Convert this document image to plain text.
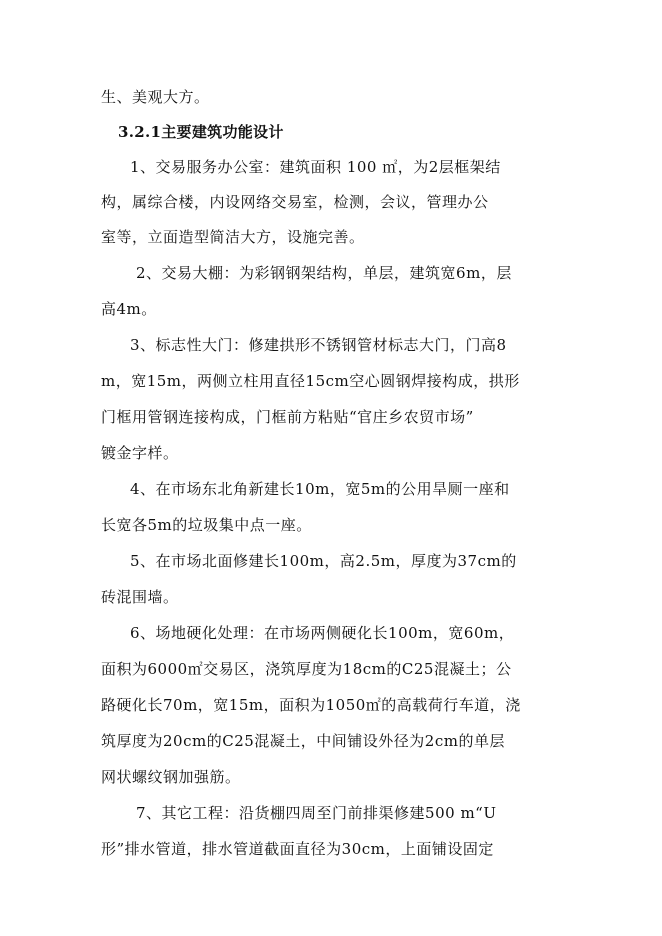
生、美观大方。
3.2.1主要建筑功能设计
1、交易服务办公室：建筑面积 100 ㎡，为2层框架结
构，属综合楼，内设网络交易室，检测，会议，管理办公
室等，立面造型简洁大方，设施完善。
2、交易大棚：为彩钢钢架结构，单层，建筑宽6m，层
高4m。
3、标志性大门：修建拱形不锈钢管材标志大门，门高8
m，宽15m，两侧立柱用直径15cm空心圆钢焊接构成，拱形
门框用管钢连接构成，门框前方粘贴“官庄乡农贸市场”
镀金字样。
4、在市场东北角新建长10m，宽5m的公用旱厕一座和
长宽各5m的垃圾集中点一座。
5、在市场北面修建长100m，高2.5m，厚度为37cm的
砖混围墙。
6、场地硬化处理：在市场两侧硬化长100m，宽60m，
面积为6000㎡交易区，浇筑厚度为18cm的C25混凝土；公
路硬化长70m，宽15m，面积为1050㎡的高载荷行车道，浇
筑厚度为20cm的C25混凝土，中间铺设外径为2cm的单层
网状螺纹钢加强筋。
7、其它工程：沿货棚四周至门前排渠修建500 m“U
形”排水管道，排水管道截面直径为30cm，上面铺设固定
